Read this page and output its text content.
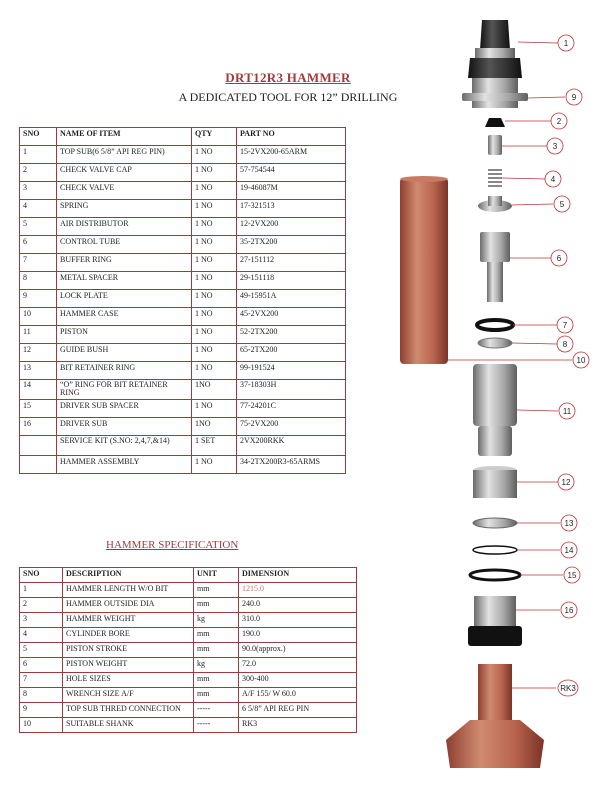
DRT12R3 HAMMER
A DEDICATED TOOL FOR 12” DRILLING
SNO	NAME OF ITEM	QTY	PART NO
1	TOP SUB(6 5/8” API REG PIN)	1 NO	15-2VX200-65ARM
2	CHECK VALVE CAP	1 NO	57-754544
3	CHECK VALVE	1 NO	19-46087M
4	SPRING	1 NO	17-321513
5	AIR DISTRIBUTOR	1 NO	12-2VX200
6	CONTROL TUBE	1 NO	35-2TX200
7	BUFFER RING	1 NO	27-151112
8	METAL SPACER	1 NO	29-151118
9	LOCK PLATE	1 NO	49-15951A
10	HAMMER CASE	1 NO	45-2VX200
11	PISTON	1 NO	52-2TX200
12	GUIDE BUSH	1 NO	65-2TX200
13	BIT RETAINER RING	1 NO	99-191524
14	“O” RING FOR BIT RETAINER RING	1NO	37-18303H
15	DRIVER SUB SPACER	1 NO	77-24201C
16	DRIVER SUB	1NO	75-2VX200
	SERVICE KIT (S.NO: 2,4,7,&14)	1 SET	2VX200RKK
	HAMMER ASSEMBLY	1 NO	34-2TX200R3-65ARMS
HAMMER SPECIFICATION
SNO	DESCRIPTION	UNIT	DIMENSION
1	HAMMER LENGTH W/O BIT	mm	1215.0
2	HAMMER OUTSIDE DIA	mm	240.0
3	HAMMER WEIGHT	kg	310.0
4	CYLINDER BORE	mm	190.0
5	PISTON STROKE	mm	90.0(approx.)
6	PISTON WEIGHT	kg	72.0
7	HOLE SIZES	mm	300-400
8	WRENCH SIZE A/F	mm	A/F 155/ W 60.0
9	TOP SUB THRED CONNECTION	-----	6 5/8” API REG PIN
10	SUITABLE SHANK	-----	RK3
1
9
2
3
4
5
6
7
8
10
11
12
13
14
15
16
RK3
